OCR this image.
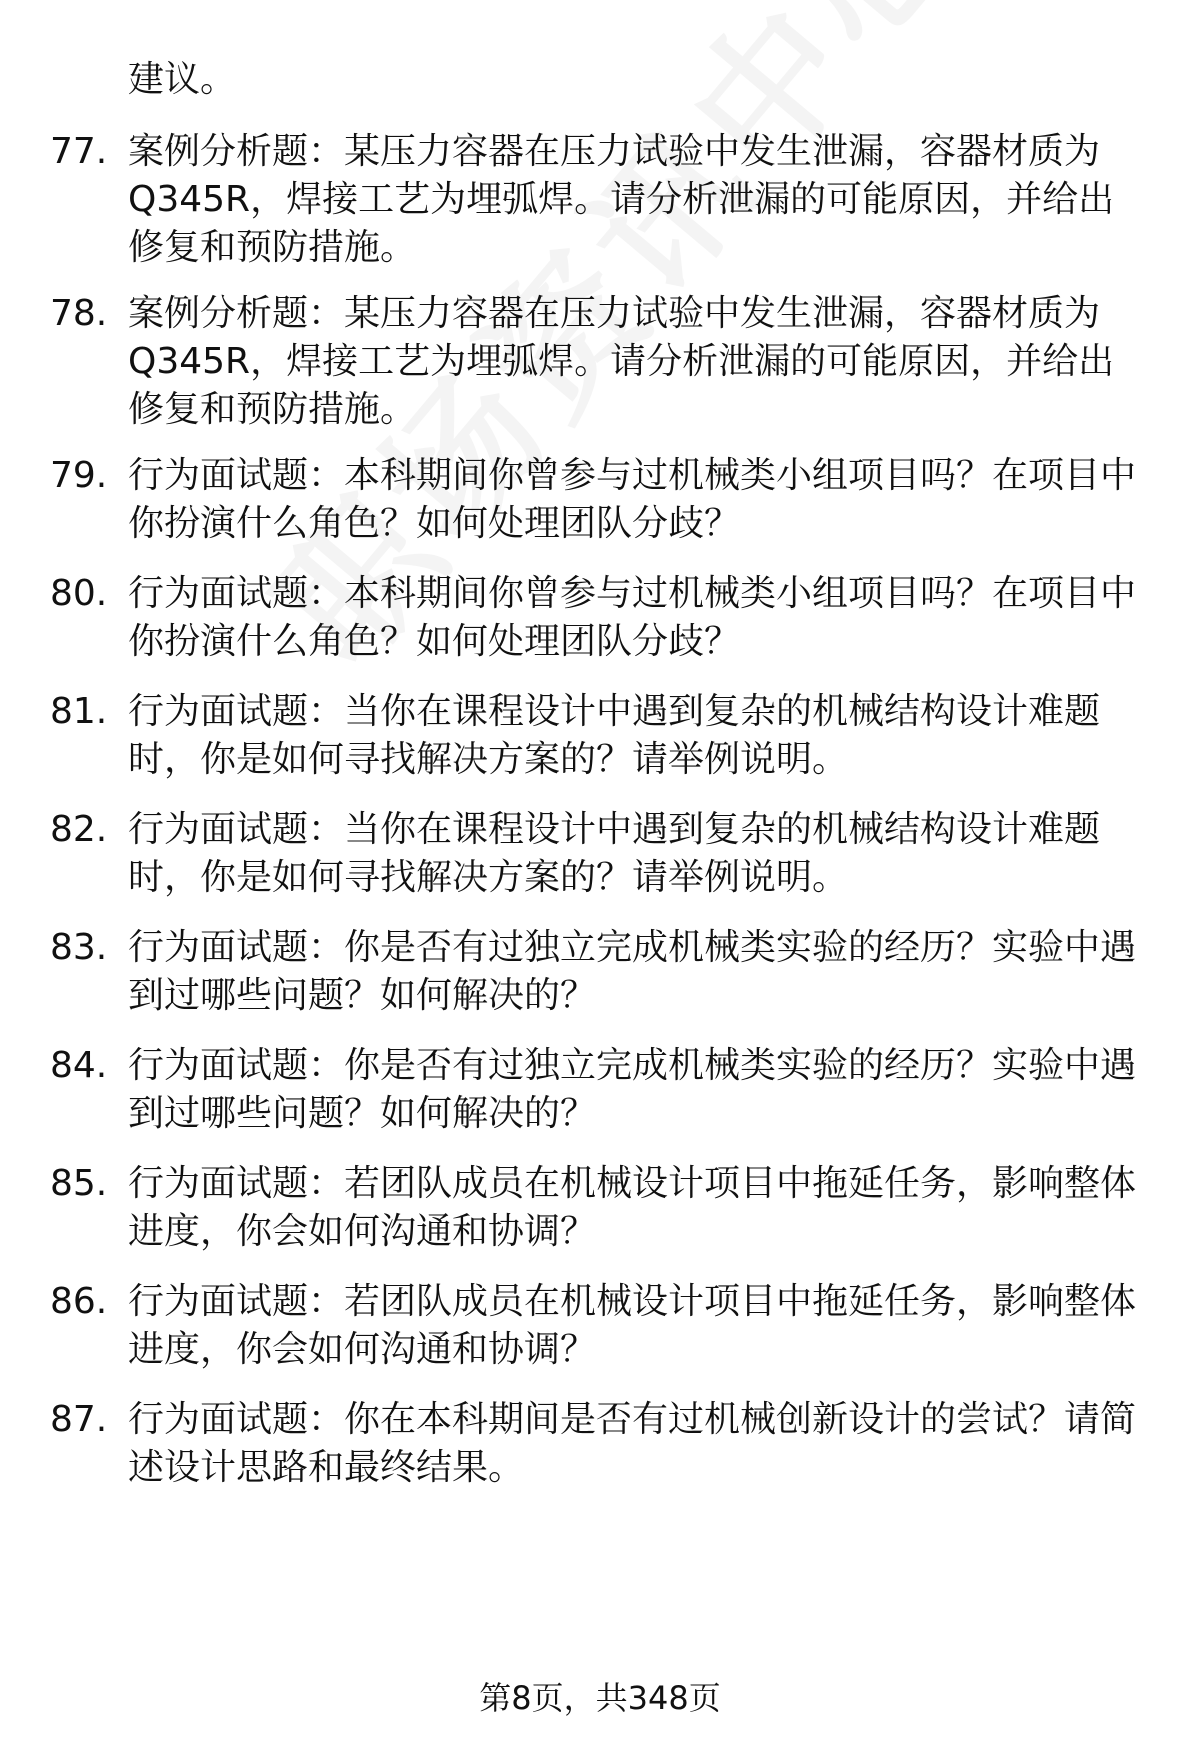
建议。
77. 案例分析题：某压力容器在压力试验中发生泄漏，容器材质为Q345R，焊接工艺为埋弧焊。请分析泄漏的可能原因，并给出修复和预防措施。
78. 案例分析题：某压力容器在压力试验中发生泄漏，容器材质为Q345R，焊接工艺为埋弧焊。请分析泄漏的可能原因，并给出修复和预防措施。
79. 行为面试题：本科期间你曾参与过机械类小组项目吗？在项目中你扮演什么角色？如何处理团队分歧？
80. 行为面试题：本科期间你曾参与过机械类小组项目吗？在项目中你扮演什么角色？如何处理团队分歧？
81. 行为面试题：当你在课程设计中遇到复杂的机械结构设计难题时，你是如何寻找解决方案的？请举例说明。
82. 行为面试题：当你在课程设计中遇到复杂的机械结构设计难题时，你是如何寻找解决方案的？请举例说明。
83. 行为面试题：你是否有过独立完成机械类实验的经历？实验中遇到过哪些问题？如何解决的？
84. 行为面试题：你是否有过独立完成机械类实验的经历？实验中遇到过哪些问题？如何解决的？
85. 行为面试题：若团队成员在机械设计项目中拖延任务，影响整体进度，你会如何沟通和协调？
86. 行为面试题：若团队成员在机械设计项目中拖延任务，影响整体进度，你会如何沟通和协调？
87. 行为面试题：你在本科期间是否有过机械创新设计的尝试？请简述设计思路和最终结果。
第8页，共348页
